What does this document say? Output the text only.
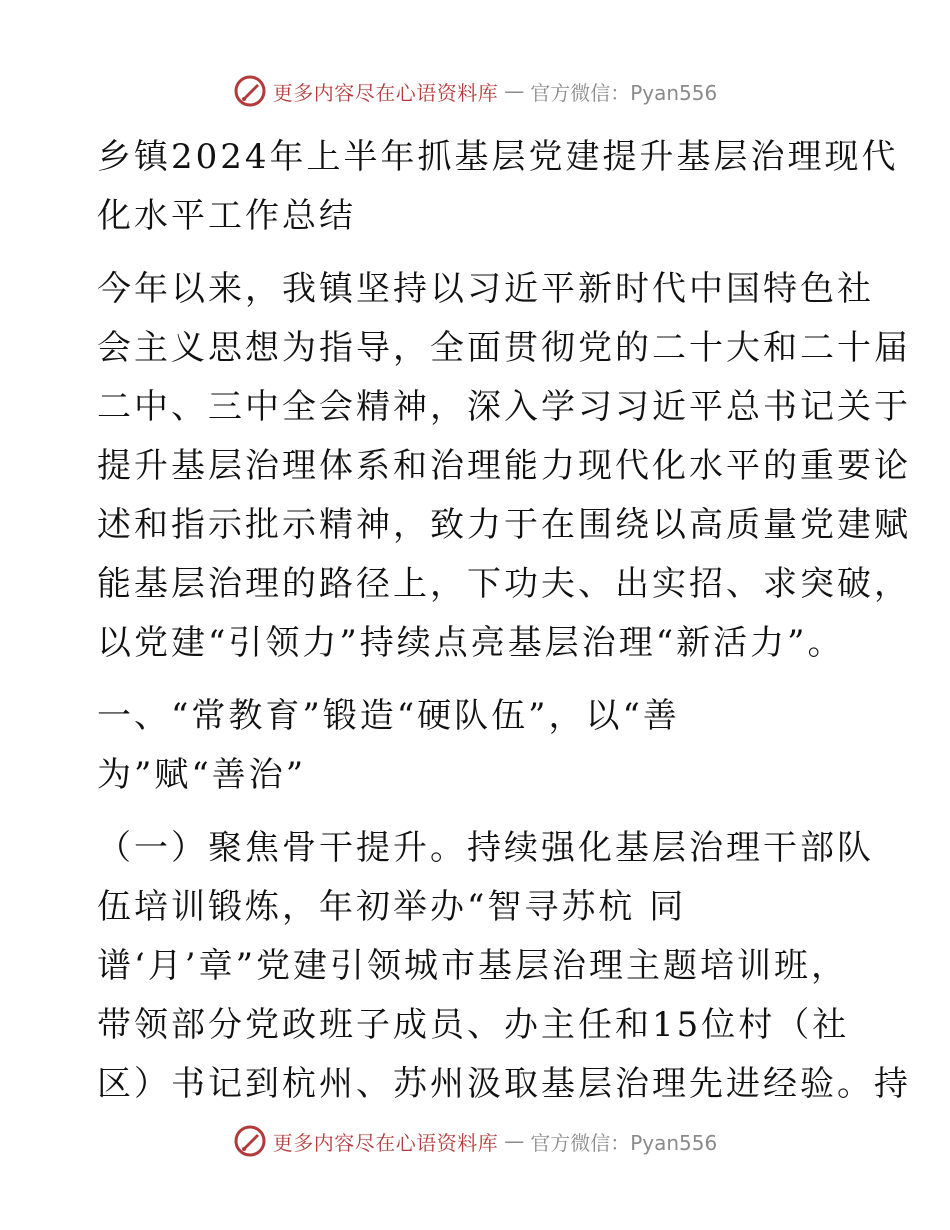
更多内容尽在心语资料库 — 官方微信：Pyan556
乡镇2024年上半年抓基层党建提升基层治理现代
化水平工作总结
今年以来，我镇坚持以习近平新时代中国特色社
会主义思想为指导，全面贯彻党的二十大和二十届
二中、三中全会精神，深入学习习近平总书记关于
提升基层治理体系和治理能力现代化水平的重要论
述和指示批示精神，致力于在围绕以高质量党建赋
能基层治理的路径上，下功夫、出实招、求突破，
以党建“引领力”持续点亮基层治理“新活力”。
一、“常教育”锻造“硬队伍”，以“善
为”赋“善治”
（一）聚焦骨干提升。持续强化基层治理干部队
伍培训锻炼，年初举办“智寻苏杭 同
谱‘月’章”党建引领城市基层治理主题培训班，
带领部分党政班子成员、办主任和15位村（社
区）书记到杭州、苏州汲取基层治理先进经验。持
更多内容尽在心语资料库 — 官方微信：Pyan556
